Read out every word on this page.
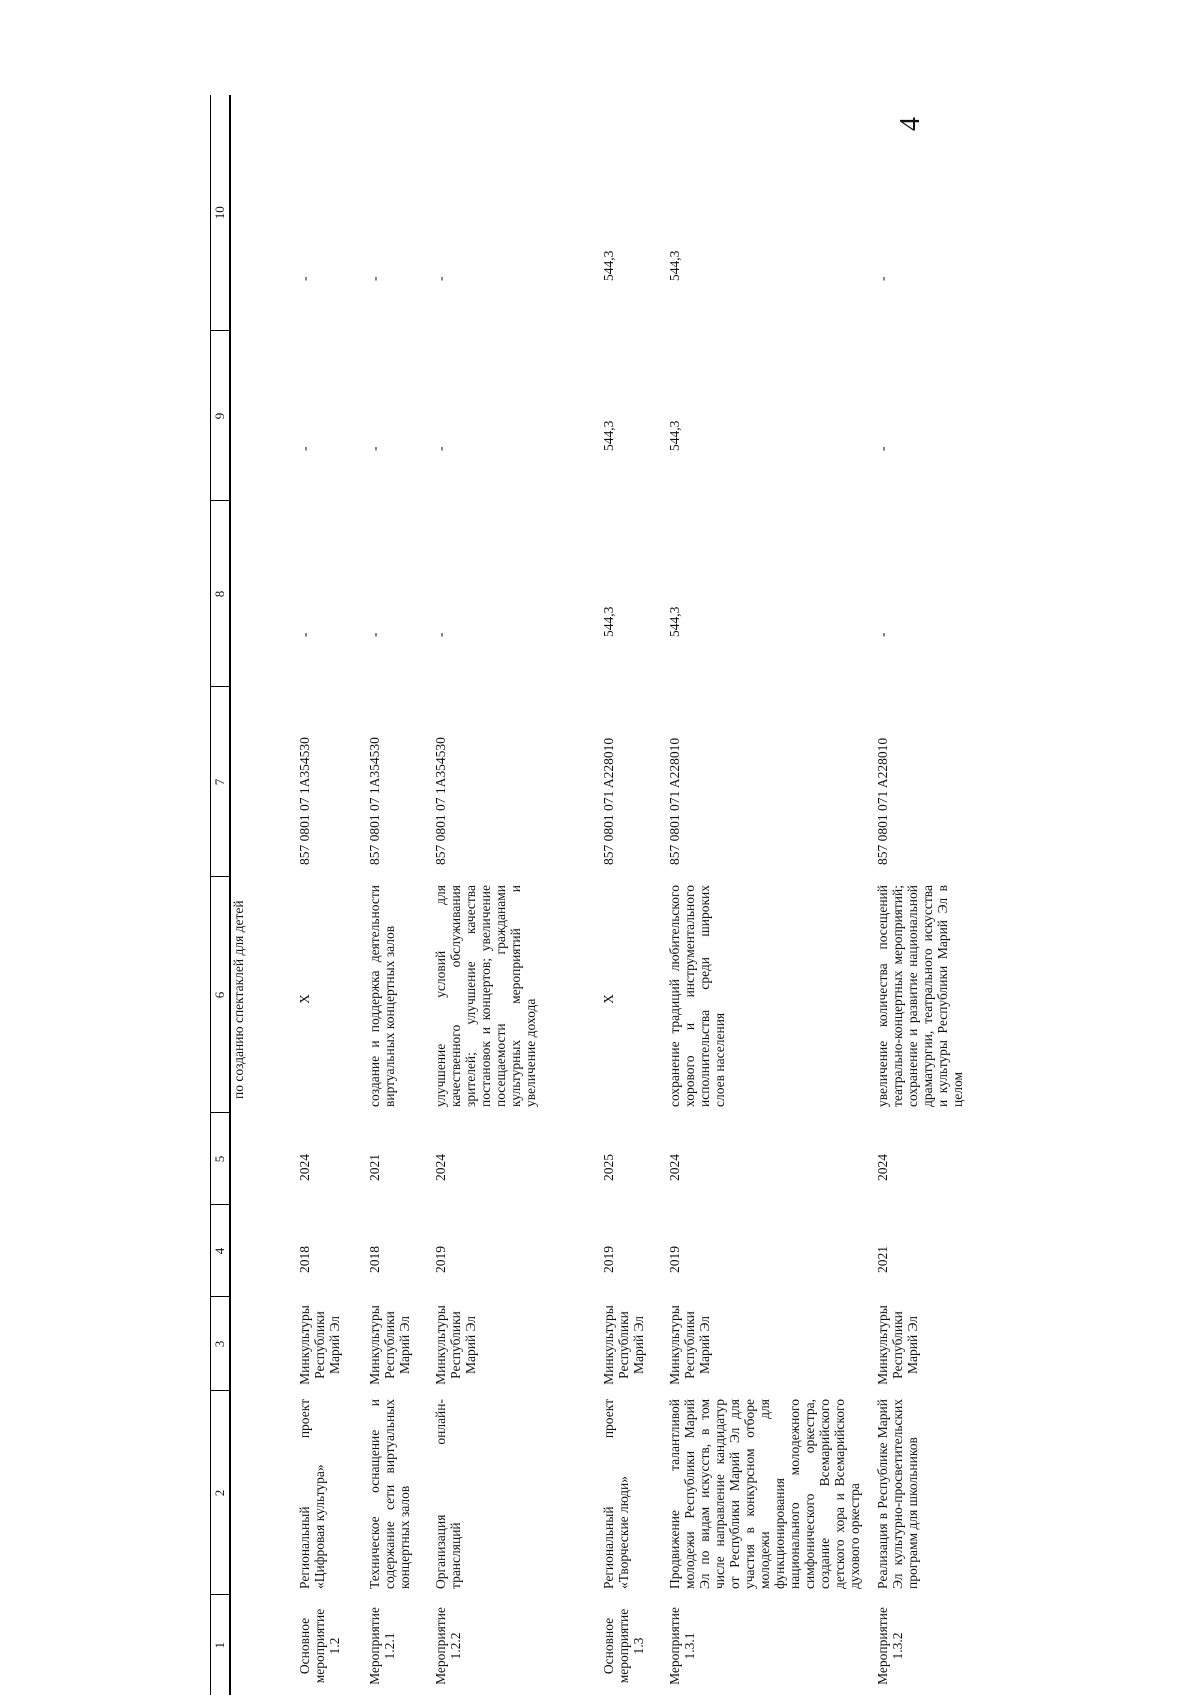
4
1	2	3	4	5	6	7	8	9	10
					по созданию спектаклей для детей				
Основное мероприятие 1.2	Региональный проект «Цифровая культура»	Минкультуры Республики Марий Эл	2018	2024	X	857 0801 07 1A354530	-	-	-
Мероприятие 1.2.1	Техническое оснащение и содержание сети виртуальных концертных залов	Минкультуры Республики Марий Эл	2018	2021	создание и поддержка деятельности виртуальных концертных залов	857 0801 07 1A354530	-	-	-
Мероприятие 1.2.2	Организация онлайн-трансляций	Минкультуры Республики Марий Эл	2019	2024	улучшение условий для качественного обслуживания зрителей; улучшение качества постановок и концертов; увеличение посещаемости гражданами культурных мероприятий и увеличение дохода	857 0801 07 1A354530	-	-	-
Основное мероприятие 1.3	Региональный проект «Творческие люди»	Минкультуры Республики Марий Эл	2019	2025	X	857 0801 071 A228010	544,3	544,3	544,3
Мероприятие 1.3.1	Продвижение талантливой молодежи Республики Марий Эл по видам искусств, в том числе направление кандидатур от Республики Марий Эл для участия в конкурсном отборе молодежи для функционирования национального молодежного симфонического оркестра, создание Всемарийского детского хора и Всемарийского духового оркестра	Минкультуры Республики Марий Эл	2019	2024	сохранение традиций любительского хорового и инструментального исполнительства среди широких слоев населения	857 0801 071 A228010	544,3	544,3	544,3
Мероприятие 1.3.2	Реализация в Республике Марий Эл культурно-просветительских программ для школьников	Минкультуры Республики Марий Эл	2021	2024	увеличение количества посещений театрально-концертных мероприятий; сохранение и развитие национальной драматургии, театрального искусства и культуры Республики Марий Эл в целом	857 0801 071 A228010	-	-	-
